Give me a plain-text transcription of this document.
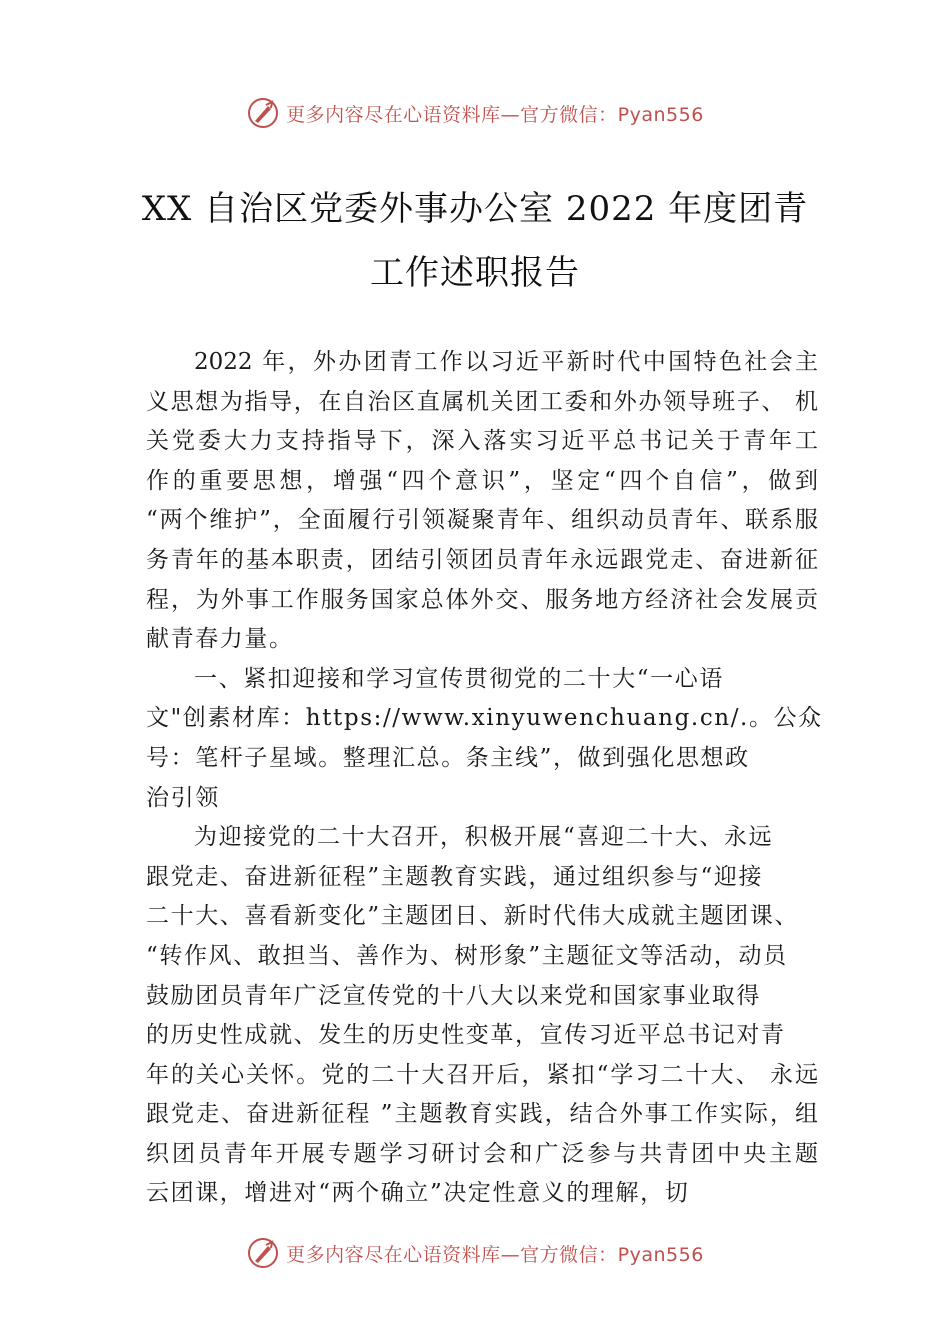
更多内容尽在心语资料库—官方微信：Pyan556
XX 自治区党委外事办公室 2022 年度团青
工作述职报告
2022 年，外办团青工作以习近平新时代中国特色社会主
义思想为指导，在自治区直属机关团工委和外办领导班子、 机
关党委大力支持指导下，深入落实习近平总书记关于青年工
作的重要思想，增强“四个意识”，坚定“四个自信”，做到
“两个维护”，全面履行引领凝聚青年、组织动员青年、联系服
务青年的基本职责，团结引领团员青年永远跟党走、奋进新征
程，为外事工作服务国家总体外交、服务地方经济社会发展贡
献青春力量。
一、紧扣迎接和学习宣传贯彻党的二十大“一心语
文"创素材库：https://www.xinyuwenchuang.cn/.。公众
号：笔杆子星域。整理汇总。条主线”，做到强化思想政
治引领
为迎接党的二十大召开，积极开展“喜迎二十大、永远
跟党走、奋进新征程”主题教育实践，通过组织参与“迎接
二十大、喜看新变化”主题团日、新时代伟大成就主题团课、
“转作风、敢担当、善作为、树形象”主题征文等活动，动员
鼓励团员青年广泛宣传党的十八大以来党和国家事业取得
的历史性成就、发生的历史性变革，宣传习近平总书记对青
年的关心关怀。党的二十大召开后，紧扣“学习二十大、 永远
跟党走、奋进新征程 ”主题教育实践，结合外事工作实际，组
织团员青年开展专题学习研讨会和广泛参与共青团中央主题
云团课，增进对“两个确立”决定性意义的理解，切
更多内容尽在心语资料库—官方微信：Pyan556
